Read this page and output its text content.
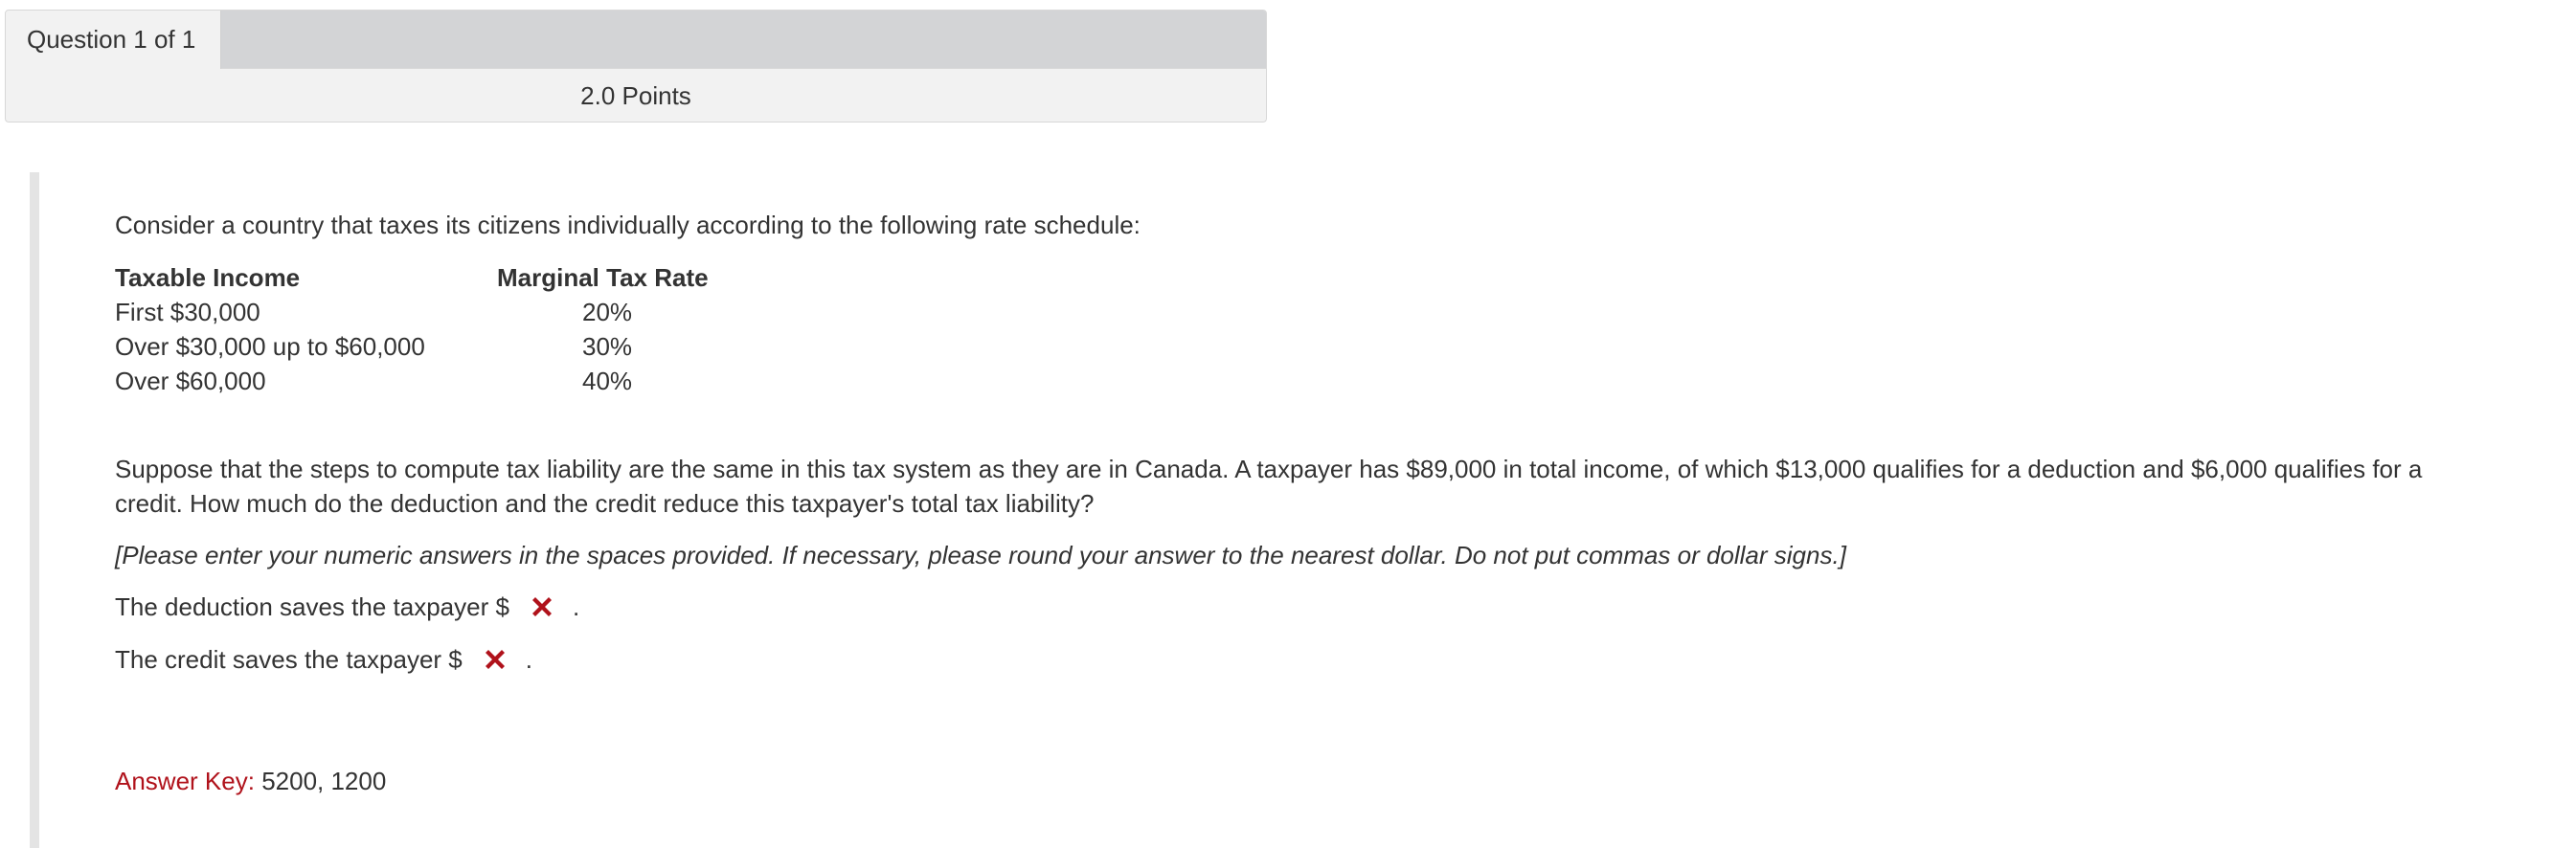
Question 1 of 1
2.0 Points
Consider a country that taxes its citizens individually according to the following rate schedule:
Taxable Income	Marginal Tax Rate
First $30,000	20%
Over $30,000 up to $60,000	30%
Over $60,000	40%
Suppose that the steps to compute tax liability are the same in this tax system as they are in Canada. A taxpayer has $89,000 in total income, of which $13,000 qualifies for a deduction and $6,000 qualifies for a credit. How much do the deduction and the credit reduce this taxpayer's total tax liability?
[Please enter your numeric answers in the spaces provided. If necessary, please round your answer to the nearest dollar. Do not put commas or dollar signs.]
The deduction saves the taxpayer $	.
The credit saves the taxpayer $	.
Answer Key: 5200, 1200
